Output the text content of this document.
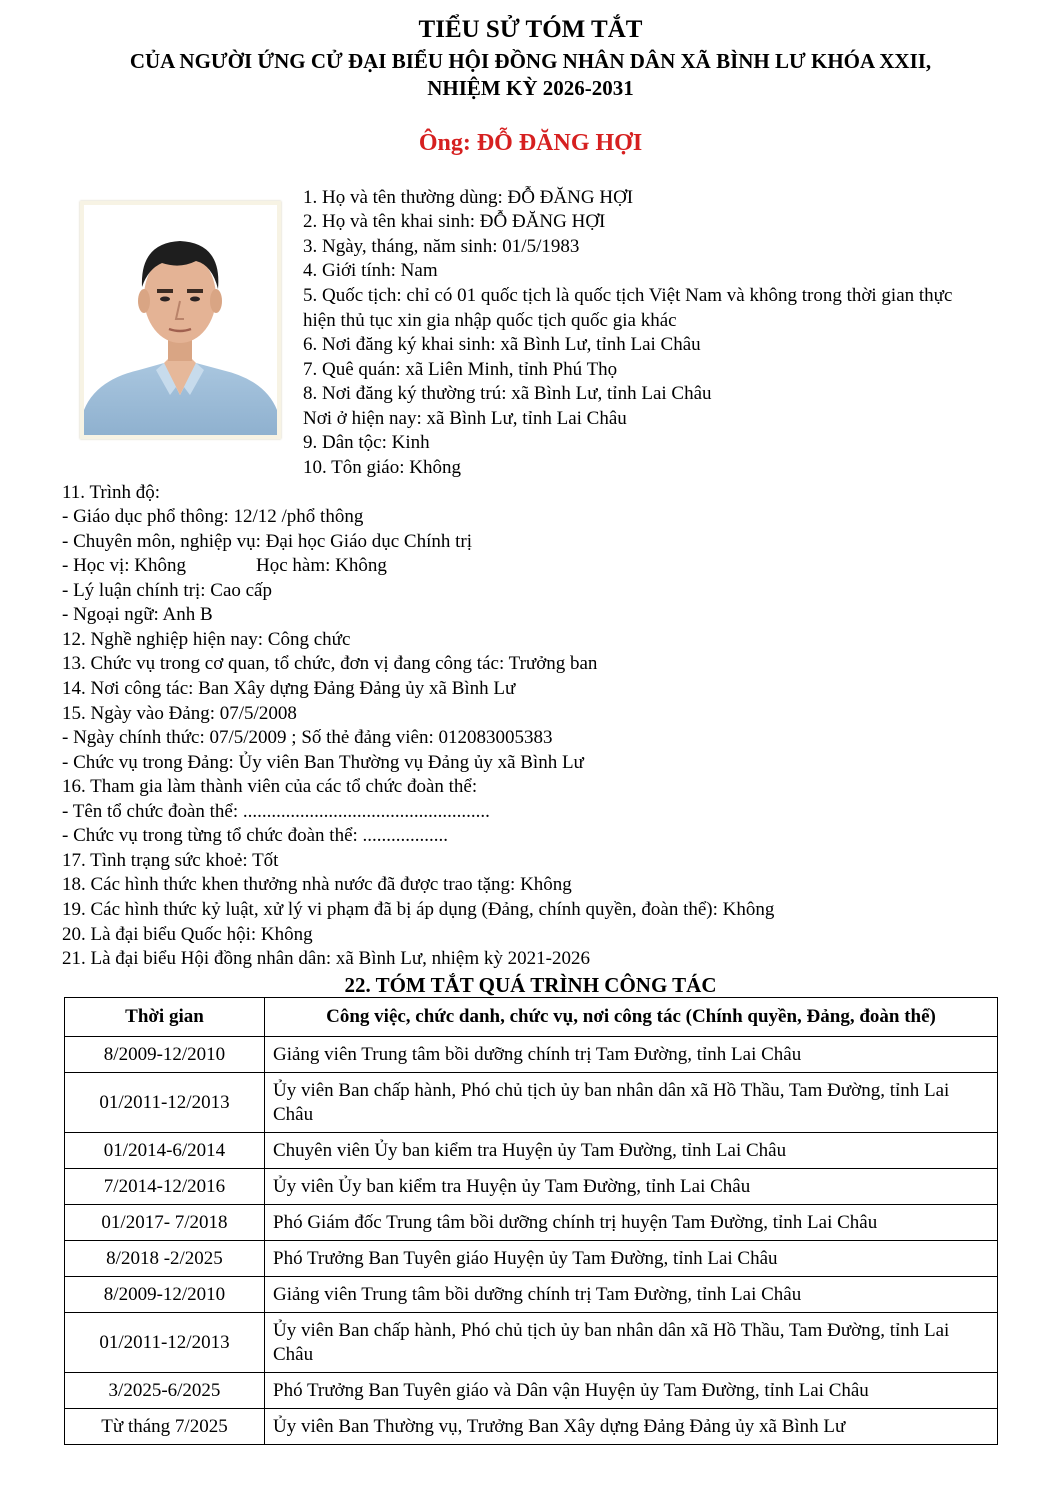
TIỂU SỬ TÓM TẮT
CỦA NGƯỜI ỨNG CỬ ĐẠI BIỂU HỘI ĐỒNG NHÂN DÂN XÃ BÌNH LƯ KHÓA XXII,
NHIỆM KỲ 2026-2031
Ông: ĐỖ ĐĂNG HỢI
1. Họ và tên thường dùng: ĐỖ ĐĂNG HỢI
2. Họ và tên khai sinh: ĐỖ ĐĂNG HỢI
3. Ngày, tháng, năm sinh: 01/5/1983
4. Giới tính: Nam
5. Quốc tịch: chỉ có 01 quốc tịch là quốc tịch Việt Nam và không trong thời gian thực
hiện thủ tục xin gia nhập quốc tịch quốc gia khác
6. Nơi đăng ký khai sinh: xã Bình Lư, tỉnh Lai Châu
7. Quê quán: xã Liên Minh, tỉnh Phú Thọ
8. Nơi đăng ký thường trú: xã Bình Lư, tỉnh Lai Châu
Nơi ở hiện nay: xã Bình Lư, tỉnh Lai Châu
9. Dân tộc: Kinh
10. Tôn giáo: Không
11. Trình độ:
- Giáo dục phổ thông: 12/12 /phổ thông
- Chuyên môn, nghiệp vụ: Đại học Giáo dục Chính trị
- Học vị: Không	Học hàm: Không
- Lý luận chính trị: Cao cấp
- Ngoại ngữ: Anh B
12. Nghề nghiệp hiện nay: Công chức
13. Chức vụ trong cơ quan, tổ chức, đơn vị đang công tác: Trưởng ban
14. Nơi công tác: Ban Xây dựng Đảng Đảng ủy xã Bình Lư
15. Ngày vào Đảng: 07/5/2008
- Ngày chính thức: 07/5/2009 ; Số thẻ đảng viên: 012083005383
- Chức vụ trong Đảng: Ủy viên Ban Thường vụ Đảng ủy xã Bình Lư
16. Tham gia làm thành viên của các tổ chức đoàn thể:
- Tên tổ chức đoàn thể: ....................................................
- Chức vụ trong từng tổ chức đoàn thể: ..................
17. Tình trạng sức khoẻ: Tốt
18. Các hình thức khen thưởng nhà nước đã được trao tặng: Không
19. Các hình thức kỷ luật, xử lý vi phạm đã bị áp dụng (Đảng, chính quyền, đoàn thể): Không
20. Là đại biểu Quốc hội: Không
21. Là đại biểu Hội đồng nhân dân: xã Bình Lư, nhiệm kỳ 2021-2026
22. TÓM TẮT QUÁ TRÌNH CÔNG TÁC
Thời gian	Công việc, chức danh, chức vụ, nơi công tác (Chính quyền, Đảng, đoàn thể)
8/2009-12/2010	Giảng viên Trung tâm bồi dưỡng chính trị Tam Đường, tỉnh Lai Châu
01/2011-12/2013	Ủy viên Ban chấp hành, Phó chủ tịch ủy ban nhân dân xã Hồ Thầu, Tam Đường, tỉnh Lai Châu
01/2014-6/2014	Chuyên viên Ủy ban kiểm tra Huyện ủy Tam Đường, tỉnh Lai Châu
7/2014-12/2016	Ủy viên Ủy ban kiểm tra Huyện ủy Tam Đường, tỉnh Lai Châu
01/2017- 7/2018	Phó Giám đốc Trung tâm bồi dưỡng chính trị huyện Tam Đường, tỉnh Lai Châu
8/2018 -2/2025	Phó Trưởng Ban Tuyên giáo Huyện ủy Tam Đường, tỉnh Lai Châu
8/2009-12/2010	Giảng viên Trung tâm bồi dưỡng chính trị Tam Đường, tỉnh Lai Châu
01/2011-12/2013	Ủy viên Ban chấp hành, Phó chủ tịch ủy ban nhân dân xã Hồ Thầu, Tam Đường, tỉnh Lai Châu
3/2025-6/2025	Phó Trưởng Ban Tuyên giáo và Dân vận Huyện ủy Tam Đường, tỉnh Lai Châu
Từ tháng 7/2025	Ủy viên Ban Thường vụ, Trưởng Ban Xây dựng Đảng Đảng ủy xã Bình Lư
